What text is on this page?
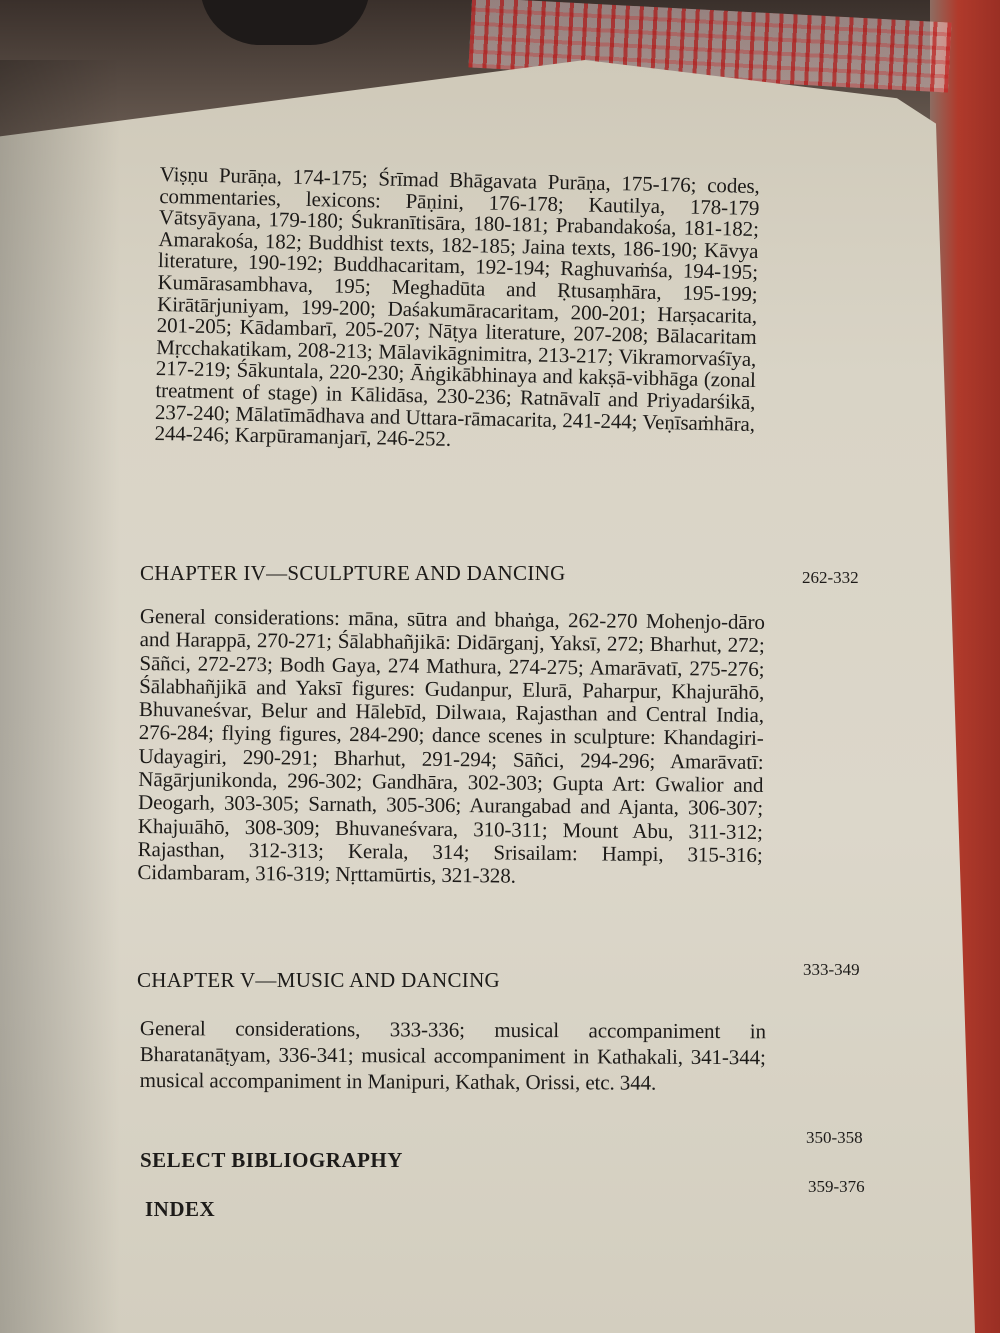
Viṣṇu Purāṇa, 174-175; Śrīmad Bhāgavata Purāṇa, 175-176; codes, commentaries, lexicons: Pāṇini, 176-178; Kautilya, 178-179 Vātsyāyana, 179-180; Śukranītisāra, 180-181; Prabandakośa, 181-182; Amarakośa, 182; Buddhist texts, 182-185; Jaina texts, 186-190; Kāvya literature, 190-192; Buddhacaritam, 192-194; Raghuvaṁśa, 194-195; Kumārasambhava, 195; Meghadūta and Ṛtusaṃhāra, 195-199; Kirātārjuniyam, 199-200; Daśakumāracaritam, 200-201; Harṣacarita, 201-205; Kādambarī, 205-207; Nāṭya literature, 207-208; Bālacaritam Mṛcchakatikam, 208-213; Mālavikāgnimitra, 213-217; Vikramorvaśīya, 217-219; Śākuntala, 220-230; Āṅgikābhinaya and kakṣā-vibhāga (zonal treatment of stage) in Kālidāsa, 230-236; Ratnāvalī and Priyadarśikā, 237-240; Mālatīmādhava and Uttara-rāmacarita, 241-244; Veṇīsaṁhāra, 244-246; Karpūramanjarī, 246-252.

CHAPTER IV—SCULPTURE AND DANCING	262-332

General considerations: māna, sūtra and bhaṅga, 262-270 Mohenjo-dāro and Harappā, 270-271; Śālabhañjikā: Didārganj, Yaksī, 272; Bharhut, 272; Sāñci, 272-273; Bodh Gaya, 274 Mathura, 274-275; Amarāvatī, 275-276; Śālabhañjikā and Yaksī figures: Gudanpur, Elurā, Paharpur, Khajurāhō, Bhuvaneśvar, Belur and Hālebīd, Dilwaıa, Rajasthan and Central India, 276-284; flying figures, 284-290; dance scenes in sculpture: Khandagiri-Udayagiri, 290-291; Bharhut, 291-294; Sāñci, 294-296; Amarāvatī: Nāgārjunikonda, 296-302; Gandhāra, 302-303; Gupta Art: Gwalior and Deogarh, 303-305; Sarnath, 305-306; Aurangabad and Ajanta, 306-307; Khajuıāhō, 308-309; Bhuvaneśvara, 310-311; Mount Abu, 311-312; Rajasthan, 312-313; Kerala, 314; Srisailam: Hampi, 315-316; Cidambaram, 316-319; Nṛttamūrtis, 321-328.

CHAPTER V—MUSIC AND DANCING	333-349

General considerations, 333-336; musical accompaniment in Bharatanāṭyam, 336-341; musical accompaniment in Kathakali, 341-344; musical accompaniment in Manipuri, Kathak, Orissi, etc. 344.

SELECT BIBLIOGRAPHY
350-358
INDEX
359-376
